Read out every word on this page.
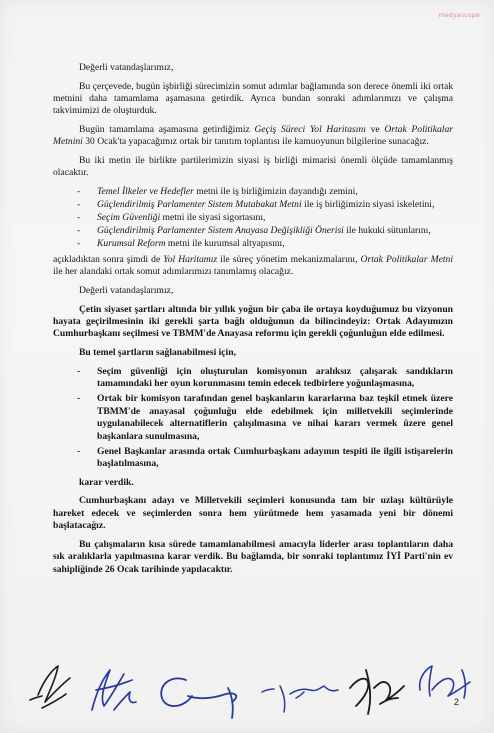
medyascope

Değerli vatandaşlarımız,

Bu çerçevede, bugün işbirliği sürecimizin somut adımlar bağlamında son derece önemli iki ortak metnini daha tamamlama aşamasına getirdik. Ayrıca bundan sonraki adımlarımızı ve çalışma takvimimizi de oluşturduk.

Bugün tamamlama aşamasına getirdiğimiz Geçiş Süreci Yol Haritasını ve Ortak Politikalar Metnini 30 Ocak'ta yapacağımız ortak bir tanıtım toplantısı ile kamuoyunun bilgilerine sunacağız.

Bu iki metin ile birlikte partilerimizin siyasi iş birliği mimarisi önemli ölçüde tamamlanmış olacaktır.

- Temel İlkeler ve Hedefler metni ile iş birliğimizin dayandığı zemini,
- Güçlendirilmiş Parlamenter Sistem Mutabakat Metni ile iş birliğimizin siyasi iskeletini,
- Seçim Güvenliği metni ile siyasi sigortasını,
- Güçlendirilmiş Parlamenter Sistem Anayasa Değişikliği Önerisi ile hukuki sütunlarını,
- Kurumsal Reform metni ile kurumsal altyapısını,

açıkladıktan sonra şimdi de Yol Haritamız ile süreç yönetim mekanizmalarını, Ortak Politikalar Metni ile her alandaki ortak somut adımlarımızı tanımlamış olacağız.

Değerli vatandaşlarımız,

Çetin siyaset şartları altında bir yıllık yoğun bir çaba ile ortaya koyduğumuz bu vizyonun hayata geçirilmesinin iki gerekli şarta bağlı olduğunun da bilincindeyiz: Ortak Adayımızın Cumhurbaşkanı seçilmesi ve TBMM'de Anayasa reformu için gerekli çoğunluğun elde edilmesi.

Bu temel şartların sağlanabilmesi için,

- Seçim güvenliği için oluşturulan komisyonun aralıksız çalışarak sandıkların tamamındaki her oyun korunmasını temin edecek tedbirlere yoğunlaşmasına,
- Ortak bir komisyon tarafından genel başkanların kararlarına baz teşkil etmek üzere TBMM'de anayasal çoğunluğu elde edebilmek için milletvekili seçimlerinde uygulanabilecek alternatiflerin çalışılmasına ve nihai kararı vermek üzere genel başkanlara sunulmasına,
- Genel Başkanlar arasında ortak Cumhurbaşkanı adayının tespiti ile ilgili istişarelerin başlatılmasına,

karar verdik.

Cumhurbaşkanı adayı ve Milletvekili seçimleri konusunda tam bir uzlaşı kültürüyle hareket edecek ve seçimlerden sonra hem yürütmede hem yasamada yeni bir dönemi başlatacağız.

Bu çalışmaların kısa sürede tamamlanabilmesi amacıyla liderler arası toplantıların daha sık aralıklarla yapılmasına karar verdik. Bu bağlamda, bir sonraki toplantımız İYİ Parti'nin ev sahipliğinde 26 Ocak tarihinde yapılacaktır.

2
